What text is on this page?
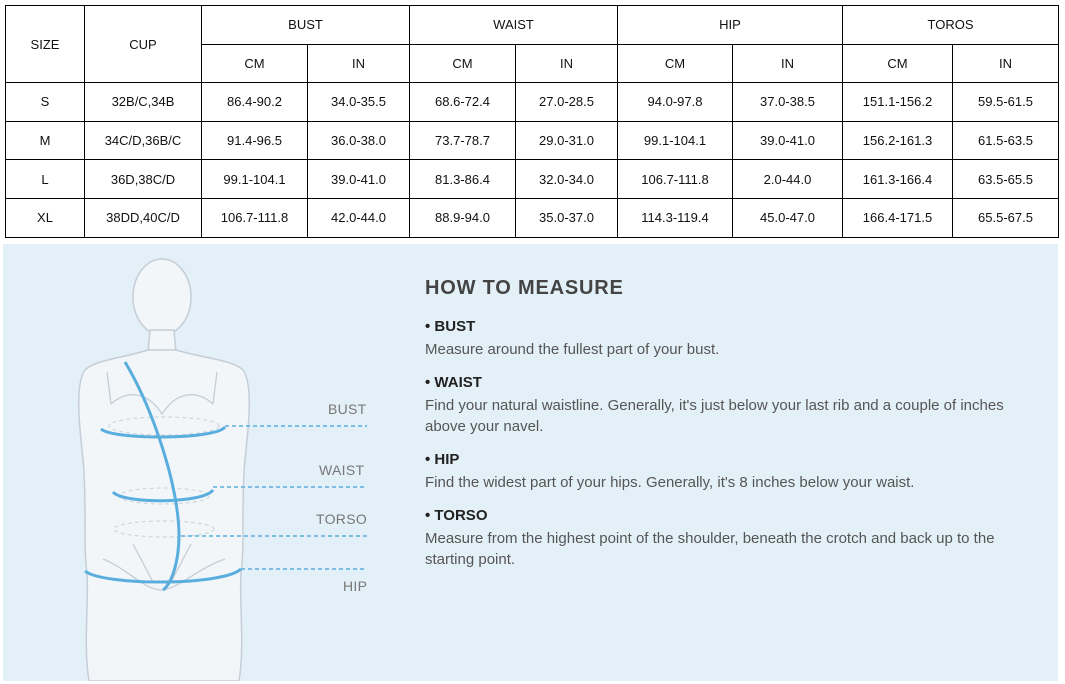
SIZE	CUP	BUST		WAIST		HIP		TOROS	
		CM	IN	CM	IN	CM	IN	CM	IN
S	32B/C,34B	86.4-90.2	34.0-35.5	68.6-72.4	27.0-28.5	94.0-97.8	37.0-38.5	151.1-156.2	59.5-61.5
M	34C/D,36B/C	91.4-96.5	36.0-38.0	73.7-78.7	29.0-31.0	99.1-104.1	39.0-41.0	156.2-161.3	61.5-63.5
L	36D,38C/D	99.1-104.1	39.0-41.0	81.3-86.4	32.0-34.0	106.7-111.8	2.0-44.0	161.3-166.4	63.5-65.5
XL	38DD,40C/D	106.7-111.8	42.0-44.0	88.9-94.0	35.0-37.0	114.3-119.4	45.0-47.0	166.4-171.5	65.5-67.5
BUST
WAIST
TORSO
HIP
HOW TO MEASURE
• BUST
Measure around the fullest part of your bust.
• WAIST
Find your natural waistline. Generally, it's just below your last rib and a couple of inches above your navel.
• HIP
Find the widest part of your hips. Generally, it's 8 inches below your waist.
• TORSO
Measure from the highest point of the shoulder, beneath the crotch and back up to the starting point.
